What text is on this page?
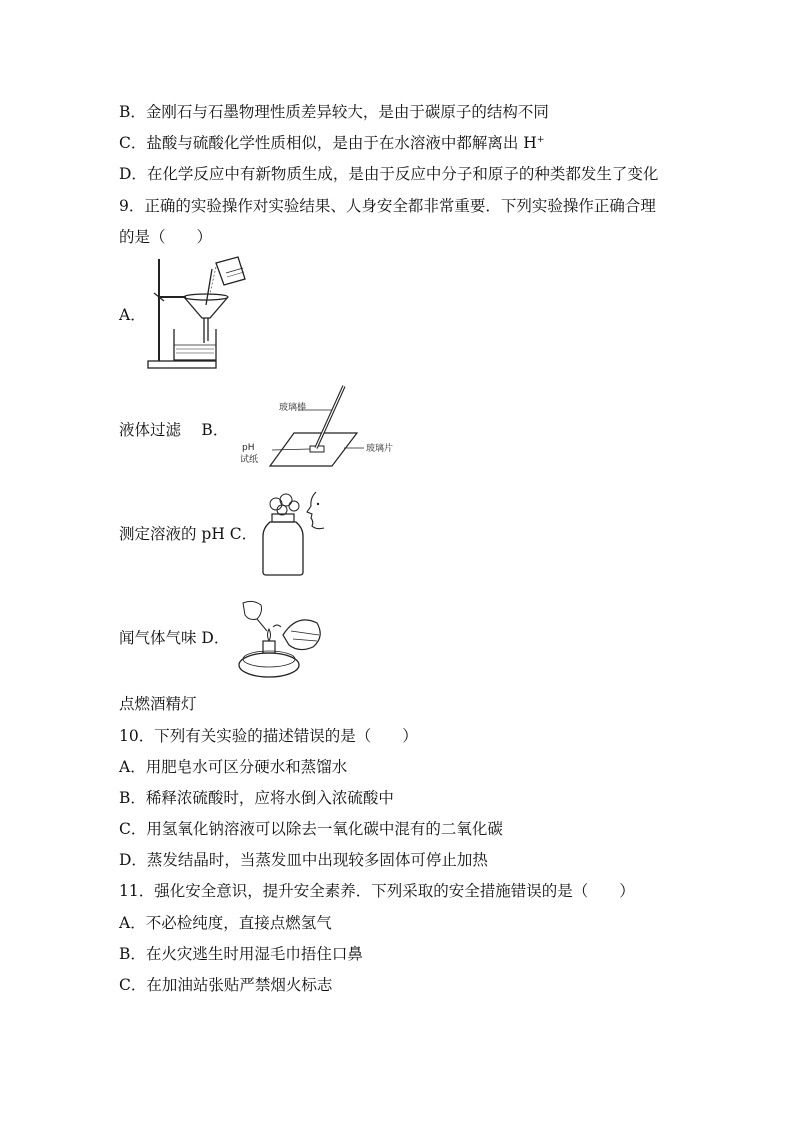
B．金刚石与石墨物理性质差异较大，是由于碳原子的结构不同
C．盐酸与硫酸化学性质相似，是由于在水溶液中都解离出 H+
D．在化学反应中有新物质生成，是由于反应中分子和原子的种类都发生了变化
9．正确的实验操作对实验结果、人身安全都非常重要．下列实验操作正确合理
的是（　　）
A．
玻璃棒
pH
试纸
玻璃片
液体过滤　 B．
测定溶液的 pH C．
闻气体气味 D．
点燃酒精灯
10．下列有关实验的描述错误的是（　　）
A．用肥皂水可区分硬水和蒸馏水
B．稀释浓硫酸时，应将水倒入浓硫酸中
C．用氢氧化钠溶液可以除去一氧化碳中混有的二氧化碳
D．蒸发结晶时，当蒸发皿中出现较多固体可停止加热
11．强化安全意识，提升安全素养．下列采取的安全措施错误的是（　　）
A．不必检纯度，直接点燃氢气
B．在火灾逃生时用湿毛巾捂住口鼻
C．在加油站张贴严禁烟火标志
